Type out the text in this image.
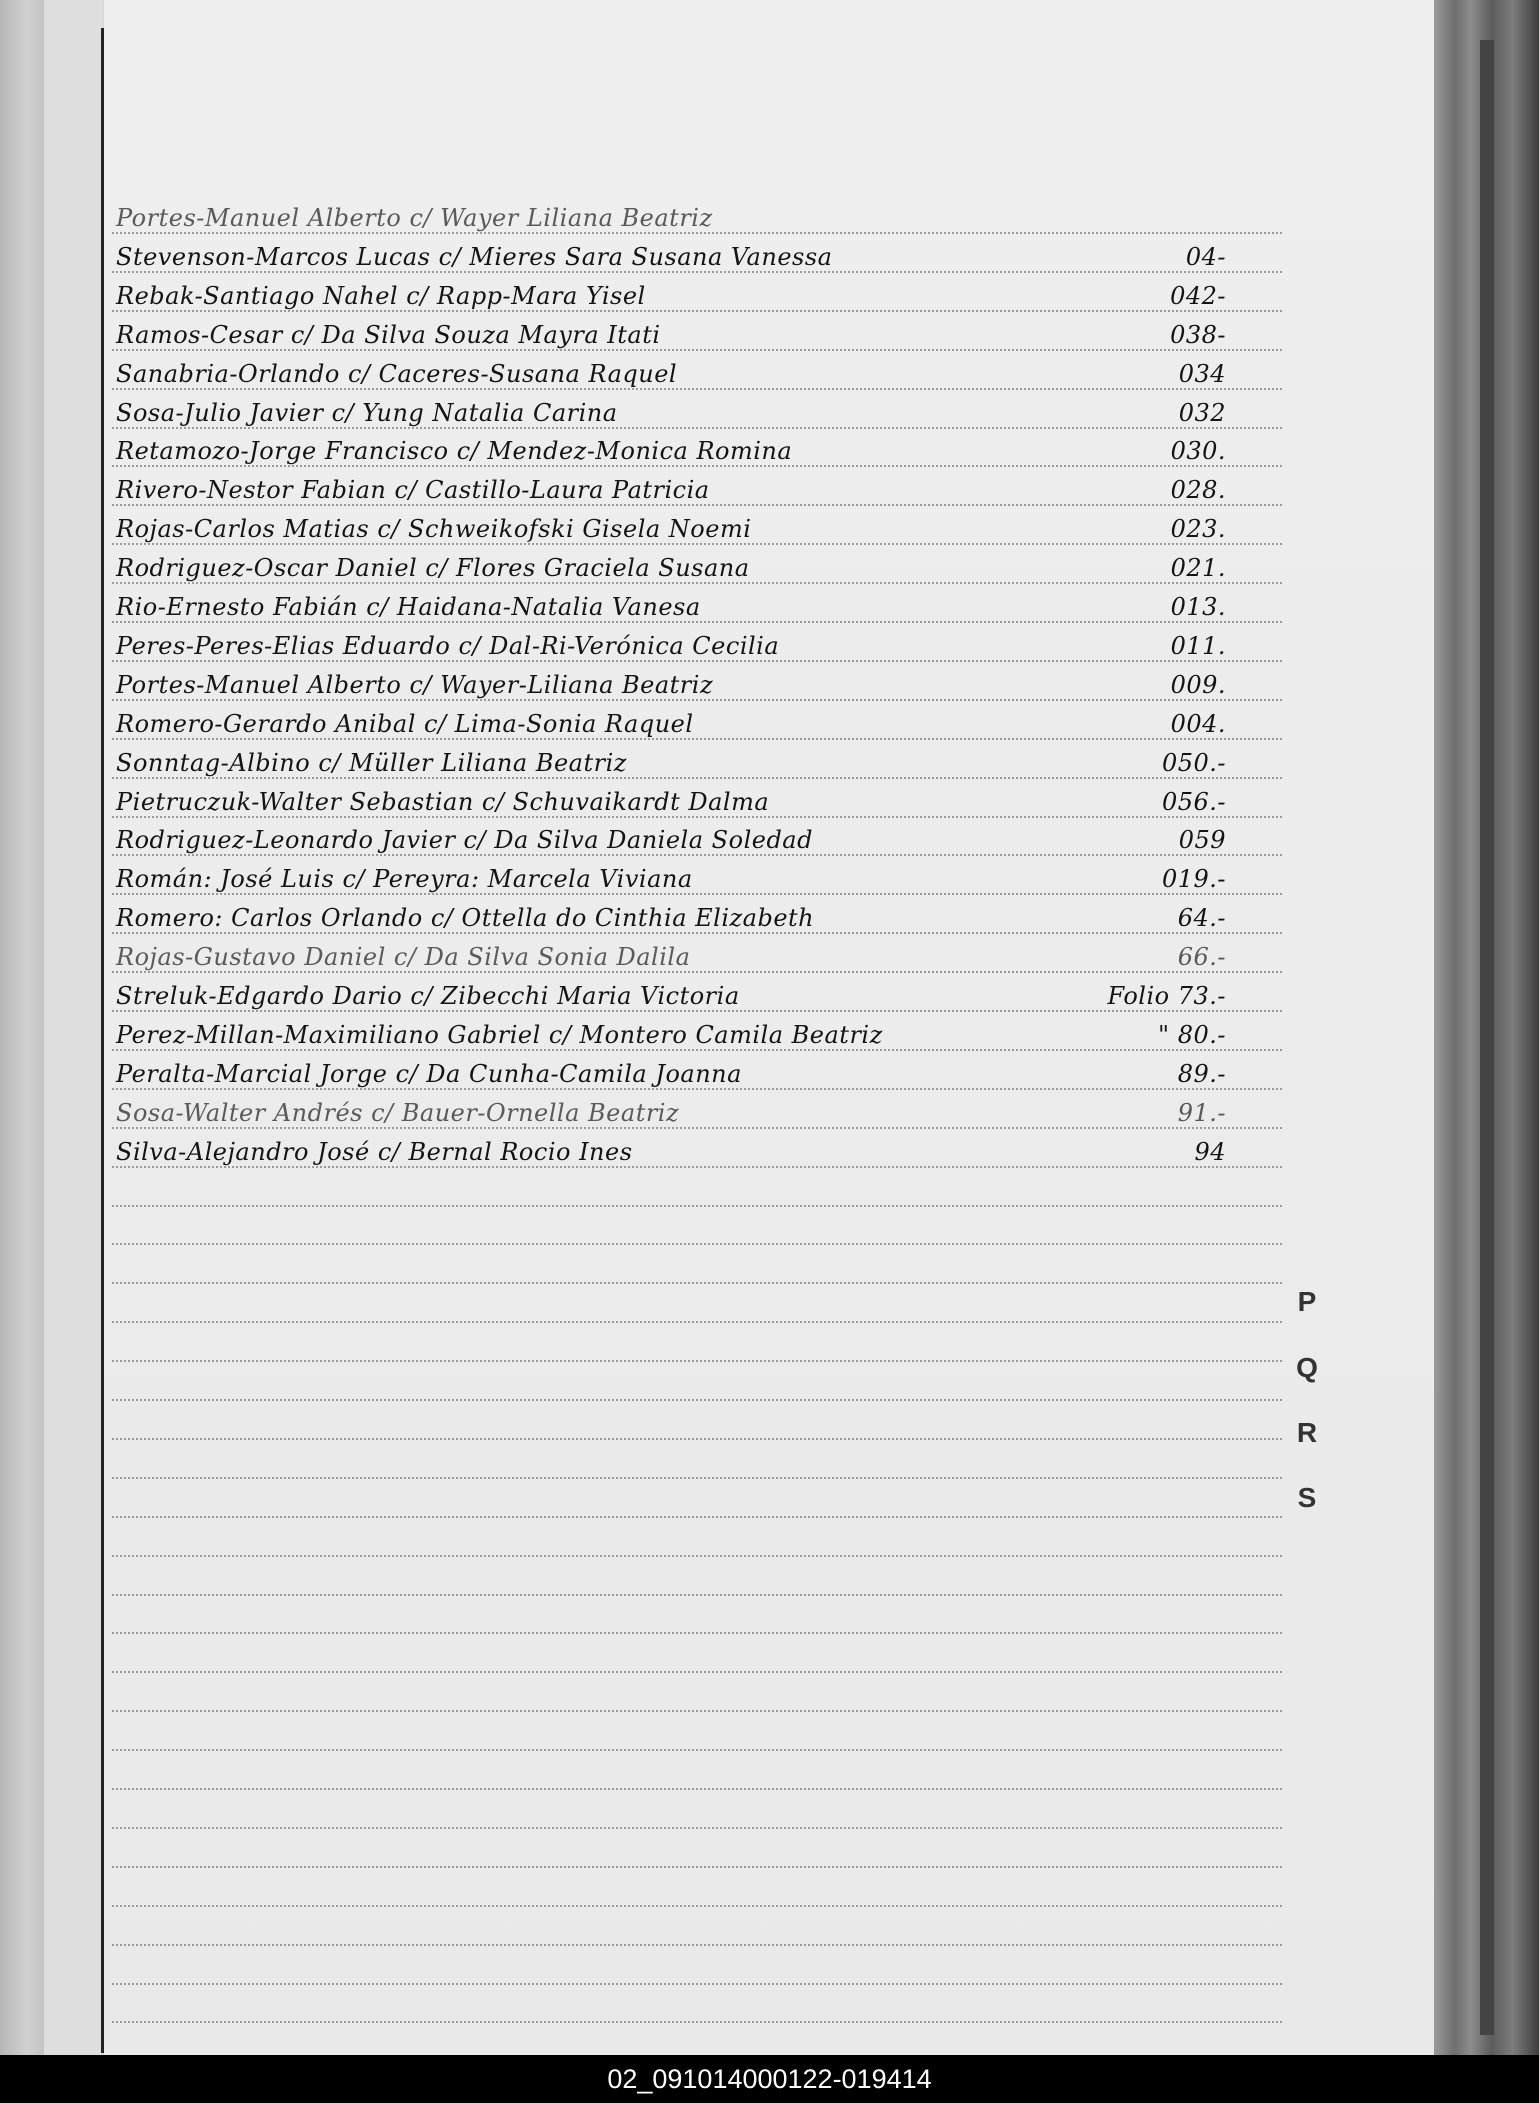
Portes-Manuel Alberto c/ Wayer Liliana Beatriz
Stevenson-Marcos Lucas c/ Mieres Sara Susana Vanessa	04-
Rebak-Santiago Nahel c/ Rapp-Mara Yisel	042-
Ramos-Cesar c/ Da Silva Souza Mayra Itati	038-
Sanabria-Orlando c/ Caceres-Susana Raquel	034
Sosa-Julio Javier c/ Yung Natalia Carina	032
Retamozo-Jorge Francisco c/ Mendez-Monica Romina	030.
Rivero-Nestor Fabian c/ Castillo-Laura Patricia	028.
Rojas-Carlos Matias c/ Schweikofski Gisela Noemi	023.
Rodriguez-Oscar Daniel c/ Flores Graciela Susana	021.
Rio-Ernesto Fabián c/ Haidana-Natalia Vanesa	013.
Peres-Peres-Elias Eduardo c/ Dal-Ri-Verónica Cecilia	011.
Portes-Manuel Alberto c/ Wayer-Liliana Beatriz	009.
Romero-Gerardo Anibal c/ Lima-Sonia Raquel	004.
Sonntag-Albino c/ Müller Liliana Beatriz	050.-
Pietruczuk-Walter Sebastian c/ Schuvaikardt Dalma	056.-
Rodriguez-Leonardo Javier c/ Da Silva Daniela Soledad	059
Román: José Luis c/ Pereyra: Marcela Viviana	019.-
Romero: Carlos Orlando c/ Ottella do Cinthia Elizabeth	64.-
Rojas-Gustavo Daniel c/ Da Silva Sonia Dalila	66.-
Streluk-Edgardo Dario c/ Zibecchi Maria Victoria	Folio 73.-
Perez-Millan-Maximiliano Gabriel c/ Montero Camila Beatriz	" 80.-
Peralta-Marcial Jorge c/ Da Cunha-Camila Joanna	89.-
Sosa-Walter Andrés c/ Bauer-Ornella Beatriz	91.-
Silva-Alejandro José c/ Bernal Rocio Ines	94
P
Q
R
S
02_091014000122-019414
